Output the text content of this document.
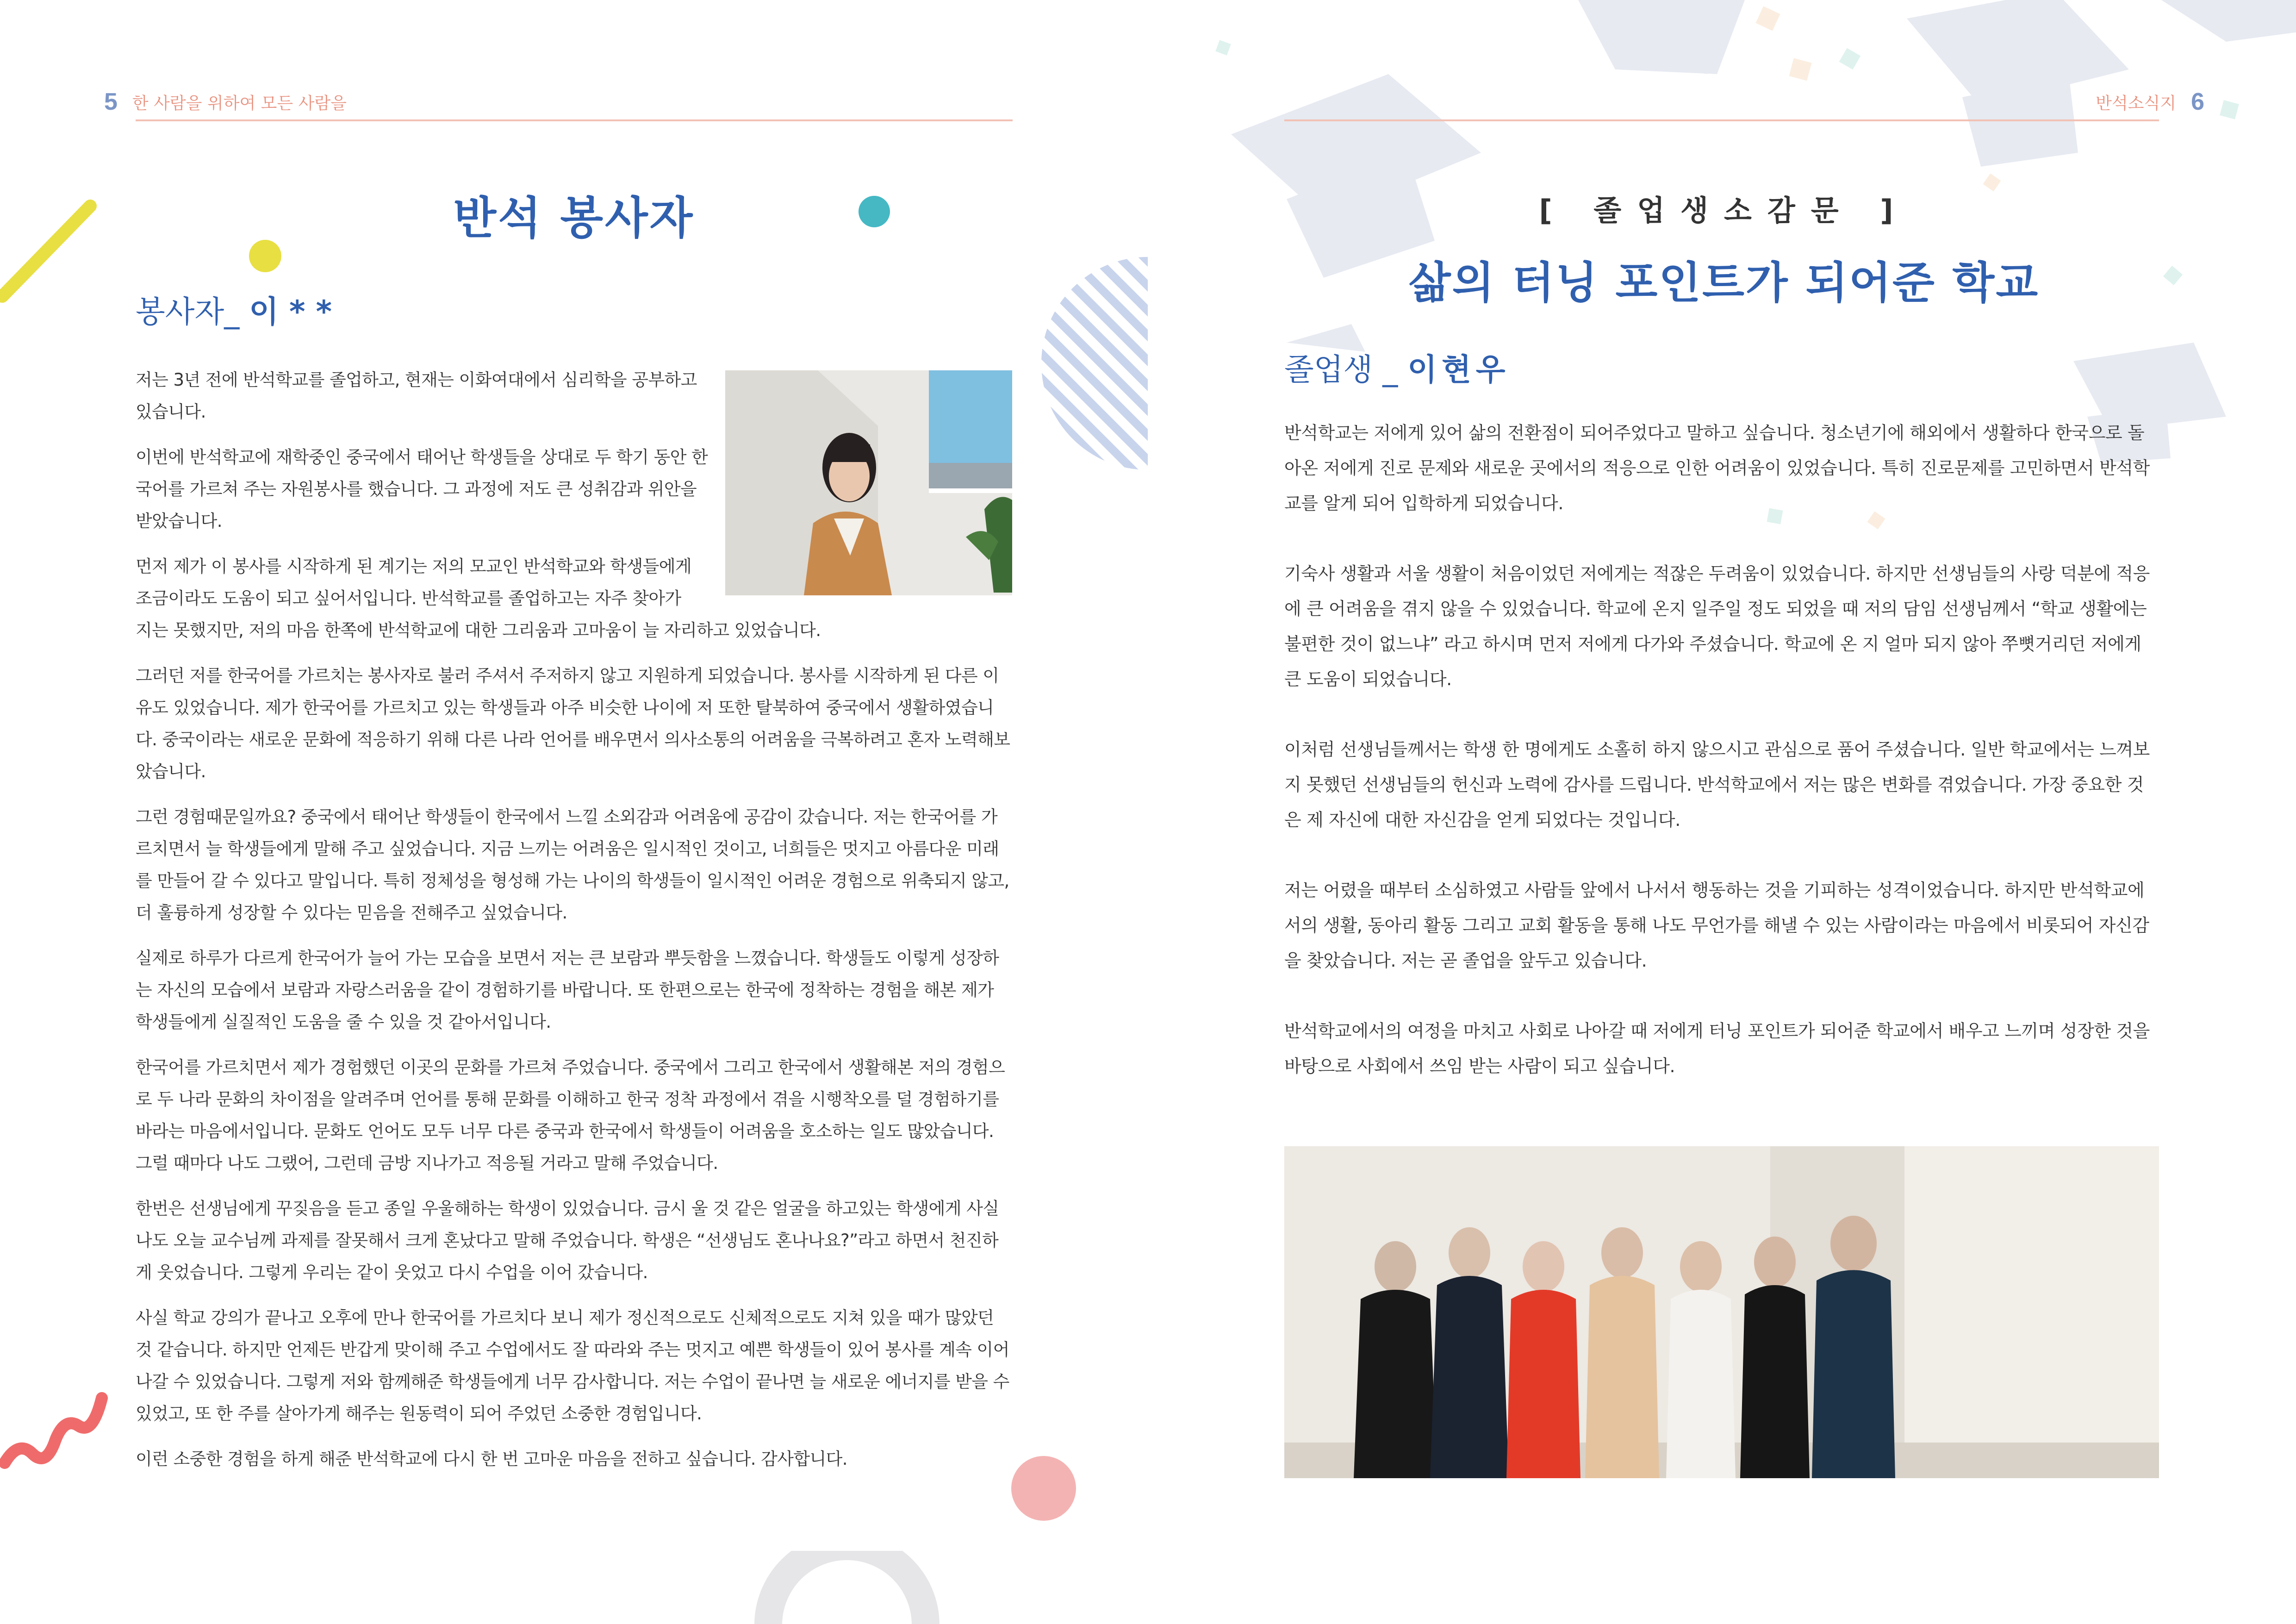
5 한 사람을 위하여 모든 사람을
반석 봉사자
봉사자_ 이 * *
저는 3년 전에 반석학교를 졸업하고, 현재는 이화여대에서 심리학을 공부하고 있습니다.
이번에 반석학교에 재학중인 중국에서 태어난 학생들을 상대로 두 학기 동안 한국어를 가르쳐 주는 자원봉사를 했습니다. 그 과정에 저도 큰 성취감과 위안을 받았습니다.
먼저 제가 이 봉사를 시작하게 된 계기는 저의 모교인 반석학교와 학생들에게 조금이라도 도움이 되고 싶어서입니다. 반석학교를 졸업하고는 자주 찾아가
지는 못했지만, 저의 마음 한쪽에 반석학교에 대한 그리움과 고마움이 늘 자리하고 있었습니다.
그러던 저를 한국어를 가르치는 봉사자로 불러 주셔서 주저하지 않고 지원하게 되었습니다. 봉사를 시작하게 된 다른 이유도 있었습니다. 제가 한국어를 가르치고 있는 학생들과 아주 비슷한 나이에 저 또한 탈북하여 중국에서 생활하였습니다. 중국이라는 새로운 문화에 적응하기 위해 다른 나라 언어를 배우면서 의사소통의 어려움을 극복하려고 혼자 노력해보았습니다.
그런 경험때문일까요? 중국에서 태어난 학생들이 한국에서 느낄 소외감과 어려움에 공감이 갔습니다. 저는 한국어를 가르치면서 늘 학생들에게 말해 주고 싶었습니다. 지금 느끼는 어려움은 일시적인 것이고, 너희들은 멋지고 아름다운 미래를 만들어 갈 수 있다고 말입니다. 특히 정체성을 형성해 가는 나이의 학생들이 일시적인 어려운 경험으로 위축되지 않고, 더 훌륭하게 성장할 수 있다는 믿음을 전해주고 싶었습니다.
실제로 하루가 다르게 한국어가 늘어 가는 모습을 보면서 저는 큰 보람과 뿌듯함을 느꼈습니다. 학생들도 이렇게 성장하는 자신의 모습에서 보람과 자랑스러움을 같이 경험하기를 바랍니다. 또 한편으로는 한국에 정착하는 경험을 해본 제가 학생들에게 실질적인 도움을 줄 수 있을 것 같아서입니다.
한국어를 가르치면서 제가 경험했던 이곳의 문화를 가르쳐 주었습니다. 중국에서 그리고 한국에서 생활해본 저의 경험으로 두 나라 문화의 차이점을 알려주며 언어를 통해 문화를 이해하고 한국 정착 과정에서 겪을 시행착오를 덜 경험하기를 바라는 마음에서입니다. 문화도 언어도 모두 너무 다른 중국과 한국에서 학생들이 어려움을 호소하는 일도 많았습니다. 그럴 때마다 나도 그랬어, 그런데 금방 지나가고 적응될 거라고 말해 주었습니다.
한번은 선생님에게 꾸짖음을 듣고 종일 우울해하는 학생이 있었습니다. 금시 울 것 같은 얼굴을 하고있는 학생에게 사실 나도 오늘 교수님께 과제를 잘못해서 크게 혼났다고 말해 주었습니다. 학생은 “선생님도 혼나나요?”라고 하면서 천진하게 웃었습니다. 그렇게 우리는 같이 웃었고 다시 수업을 이어 갔습니다.
사실 학교 강의가 끝나고 오후에 만나 한국어를 가르치다 보니 제가 정신적으로도 신체적으로도 지쳐 있을 때가 많았던 것 같습니다. 하지만 언제든 반갑게 맞이해 주고 수업에서도 잘 따라와 주는 멋지고 예쁜 학생들이 있어 봉사를 계속 이어 나갈 수 있었습니다. 그렇게 저와 함께해준 학생들에게 너무 감사합니다. 저는 수업이 끝나면 늘 새로운 에너지를 받을 수 있었고, 또 한 주를 살아가게 해주는 원동력이 되어 주었던 소중한 경험입니다.
이런 소중한 경험을 하게 해준 반석학교에 다시 한 번 고마운 마음을 전하고 싶습니다. 감사합니다.
반석소식지 6
[ 졸업생소감문 ]
삶의 터닝 포인트가 되어준 학교
졸업생 _ 이현우
반석학교는 저에게 있어 삶의 전환점이 되어주었다고 말하고 싶습니다. 청소년기에 해외에서 생활하다 한국으로 돌아온 저에게 진로 문제와 새로운 곳에서의 적응으로 인한 어려움이 있었습니다. 특히 진로문제를 고민하면서 반석학교를 알게 되어 입학하게 되었습니다.
기숙사 생활과 서울 생활이 처음이었던 저에게는 적잖은 두려움이 있었습니다. 하지만 선생님들의 사랑 덕분에 적응에 큰 어려움을 겪지 않을 수 있었습니다. 학교에 온지 일주일 정도 되었을 때 저의 담임 선생님께서 “학교 생활에는 불편한 것이 없느냐” 라고 하시며 먼저 저에게 다가와 주셨습니다. 학교에 온 지 얼마 되지 않아 쭈뼛거리던 저에게 큰 도움이 되었습니다.
이처럼 선생님들께서는 학생 한 명에게도 소홀히 하지 않으시고 관심으로 품어 주셨습니다. 일반 학교에서는 느껴보지 못했던 선생님들의 헌신과 노력에 감사를 드립니다. 반석학교에서 저는 많은 변화를 겪었습니다. 가장 중요한 것은 제 자신에 대한 자신감을 얻게 되었다는 것입니다.
저는 어렸을 때부터 소심하였고 사람들 앞에서 나서서 행동하는 것을 기피하는 성격이었습니다. 하지만 반석학교에서의 생활, 동아리 활동 그리고 교회 활동을 통해 나도 무언가를 해낼 수 있는 사람이라는 마음에서 비롯되어 자신감을 찾았습니다. 저는 곧 졸업을 앞두고 있습니다.
반석학교에서의 여정을 마치고 사회로 나아갈 때 저에게 터닝 포인트가 되어준 학교에서 배우고 느끼며 성장한 것을 바탕으로 사회에서 쓰임 받는 사람이 되고 싶습니다.
